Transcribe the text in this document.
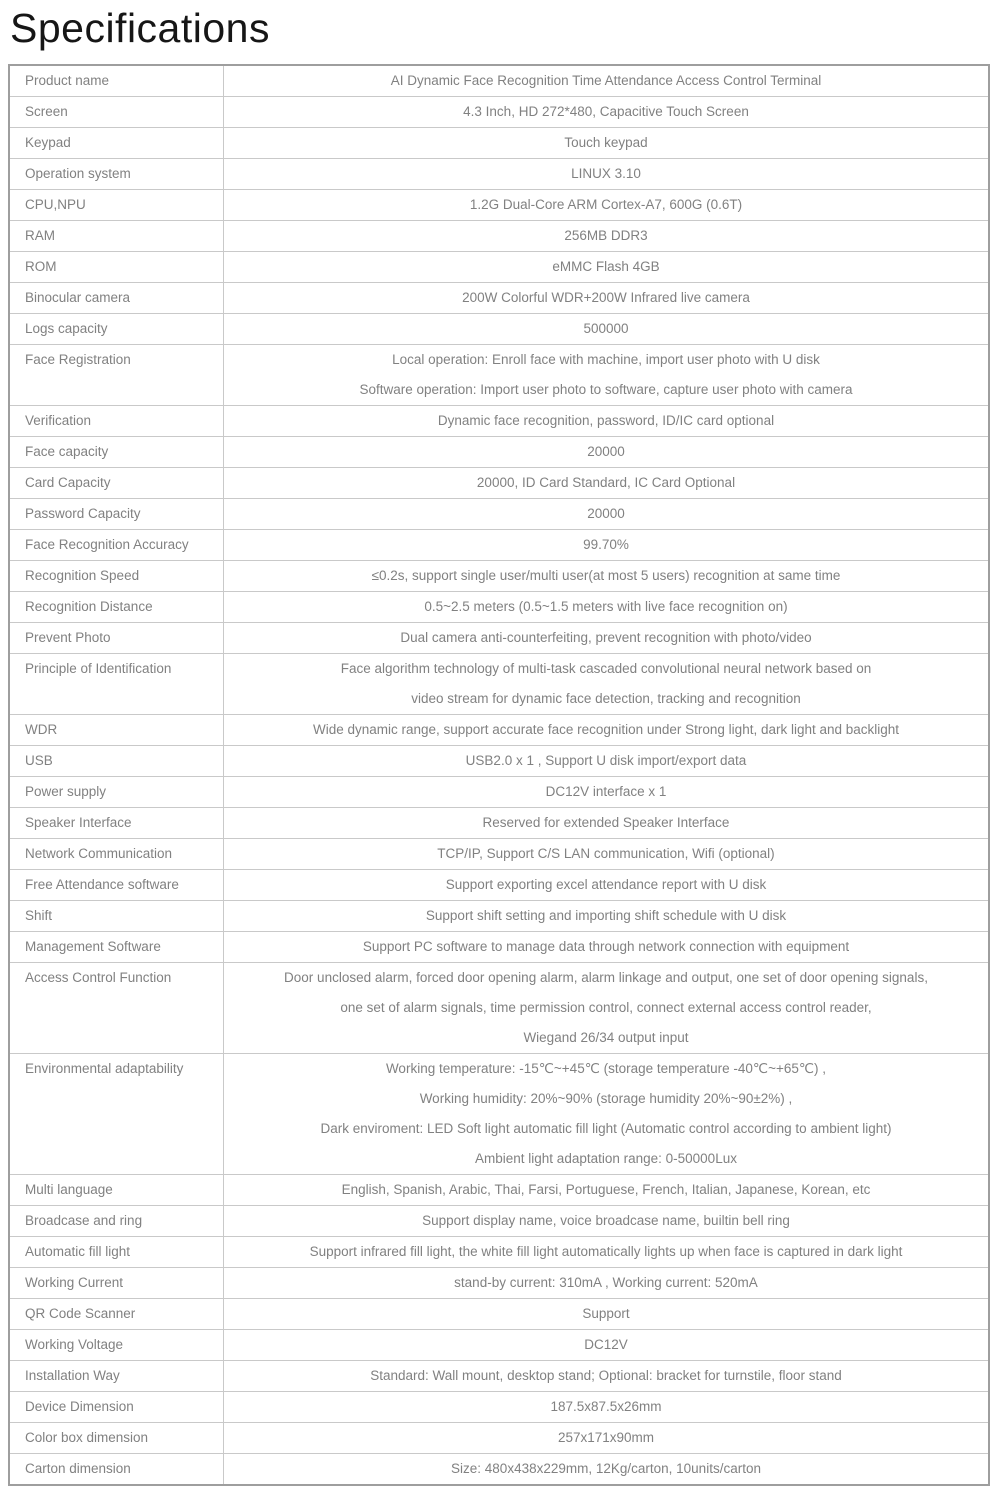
Specifications
Product name	AI Dynamic Face Recognition Time Attendance Access Control Terminal
Screen	4.3 Inch, HD 272*480, Capacitive Touch Screen
Keypad	Touch keypad
Operation system	LINUX 3.10
CPU,NPU	1.2G Dual-Core ARM Cortex-A7, 600G (0.6T)
RAM	256MB DDR3
ROM	eMMC Flash 4GB
Binocular camera	200W Colorful WDR+200W Infrared live camera
Logs capacity	500000
Face Registration	Local operation: Enroll face with machine, import user photo with U disk
Software operation: Import user photo to software, capture user photo with camera
Verification	Dynamic face recognition, password, ID/IC card optional
Face capacity	20000
Card Capacity	20000, ID Card Standard, IC Card Optional
Password Capacity	20000
Face Recognition Accuracy	99.70%
Recognition Speed	≤0.2s, support single user/multi user(at most 5 users) recognition at same time
Recognition Distance	0.5~2.5 meters (0.5~1.5 meters with live face recognition on)
Prevent Photo	Dual camera anti-counterfeiting, prevent recognition with photo/video
Principle of Identification	Face algorithm technology of multi-task cascaded convolutional neural network based on
video stream for dynamic face detection, tracking and recognition
WDR	Wide dynamic range, support accurate face recognition under Strong light, dark light and backlight
USB	USB2.0 x 1 , Support U disk import/export data
Power supply	DC12V interface x 1
Speaker Interface	Reserved for extended Speaker Interface
Network Communication	TCP/IP, Support C/S LAN communication, Wifi (optional)
Free Attendance software	Support exporting excel attendance report with U disk
Shift	Support shift setting and importing shift schedule with U disk
Management Software	Support PC software to manage data through network connection with equipment
Access Control Function	Door unclosed alarm, forced door opening alarm, alarm linkage and output, one set of door opening signals,
one set of alarm signals, time permission control, connect external access control reader,
Wiegand 26/34 output input
Environmental adaptability	Working temperature: -15℃~+45℃ (storage temperature -40℃~+65℃) ,
Working humidity: 20%~90% (storage humidity 20%~90±2%) ,
Dark enviroment: LED Soft light automatic fill light (Automatic control according to ambient light)
Ambient light adaptation range: 0-50000Lux
Multi language	English, Spanish, Arabic, Thai, Farsi, Portuguese, French, Italian, Japanese, Korean, etc
Broadcase and ring	Support display name, voice broadcase name, builtin bell ring
Automatic fill light	Support infrared fill light, the white fill light automatically lights up when face is captured in dark light
Working Current	stand-by current: 310mA , Working current: 520mA
QR Code Scanner	Support
Working Voltage	DC12V
Installation Way	Standard: Wall mount, desktop stand; Optional: bracket for turnstile, floor stand
Device Dimension	187.5x87.5x26mm
Color box dimension	257x171x90mm
Carton dimension	Size: 480x438x229mm, 12Kg/carton, 10units/carton
